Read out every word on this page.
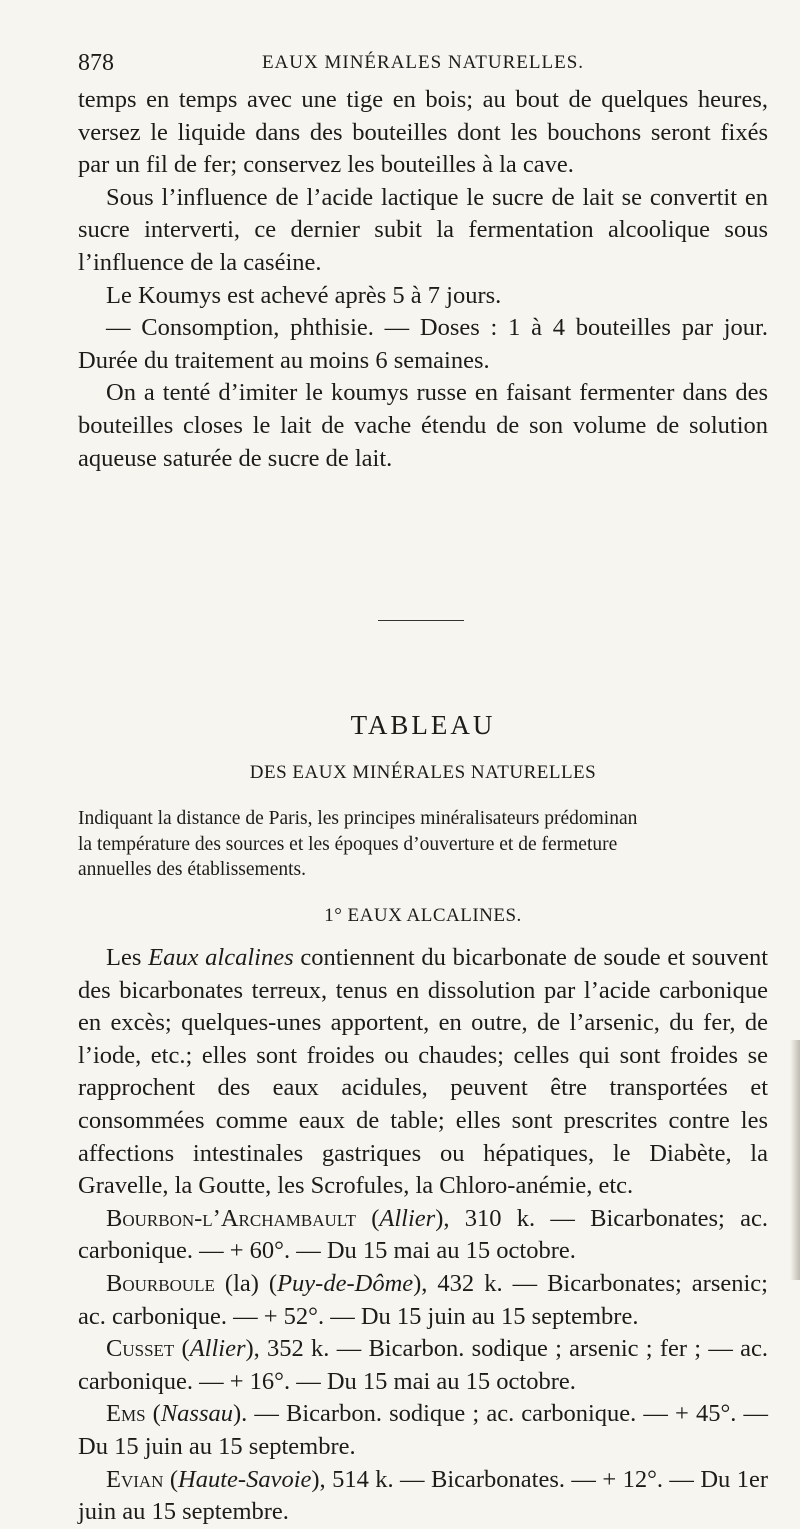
878	EAUX MINÉRALES NATURELLES.

temps en temps avec une tige en bois; au bout de quelques heures, versez le liquide dans des bouteilles dont les bouchons seront fixés par un fil de fer; conservez les bouteilles à la cave.

Sous l’influence de l’acide lactique le sucre de lait se convertit en sucre interverti, ce dernier subit la fermentation alcoolique sous l’influence de la caséine.

Le Koumys est achevé après 5 à 7 jours.

— Consomption, phthisie. — Doses : 1 à 4 bouteilles par jour. Durée du traitement au moins 6 semaines.

On a tenté d’imiter le koumys russe en faisant fermenter dans des bouteilles closes le lait de vache étendu de son volume de solution aqueuse saturée de sucre de lait.

TABLEAU
DES EAUX MINÉRALES NATURELLES
Indiquant la distance de Paris, les principes minéralisateurs prédominan
la température des sources et les époques d’ouverture et de fermeture
annuelles des établissements.
1° EAUX ALCALINES.

Les Eaux alcalines contiennent du bicarbonate de soude et souvent des bicarbonates terreux, tenus en dissolution par l’acide carbonique en excès; quelques-unes apportent, en outre, de l’arsenic, du fer, de l’iode, etc.; elles sont froides ou chaudes; celles qui sont froides se rapprochent des eaux acidules, peuvent être transportées et consommées comme eaux de table; elles sont prescrites contre les affections intestinales gastriques ou hépatiques, le Diabète, la Gravelle, la Goutte, les Scrofules, la Chloro-anémie, etc.

Bourbon-l’Archambault (Allier), 310 k. — Bicarbonates; ac. carbonique. — + 60°. — Du 15 mai au 15 octobre.

Bourboule (la) (Puy-de-Dôme), 432 k. — Bicarbonates; arsenic; ac. carbonique. — + 52°. — Du 15 juin au 15 septembre.

Cusset (Allier), 352 k. — Bicarbon. sodique ; arsenic ; fer ; — ac. carbonique. — + 16°. — Du 15 mai au 15 octobre.

Ems (Nassau). — Bicarbon. sodique ; ac. carbonique. — + 45°. — Du 15 juin au 15 septembre.

Evian (Haute-Savoie), 514 k. — Bicarbonates. — + 12°. — Du 1er juin au 15 septembre.
